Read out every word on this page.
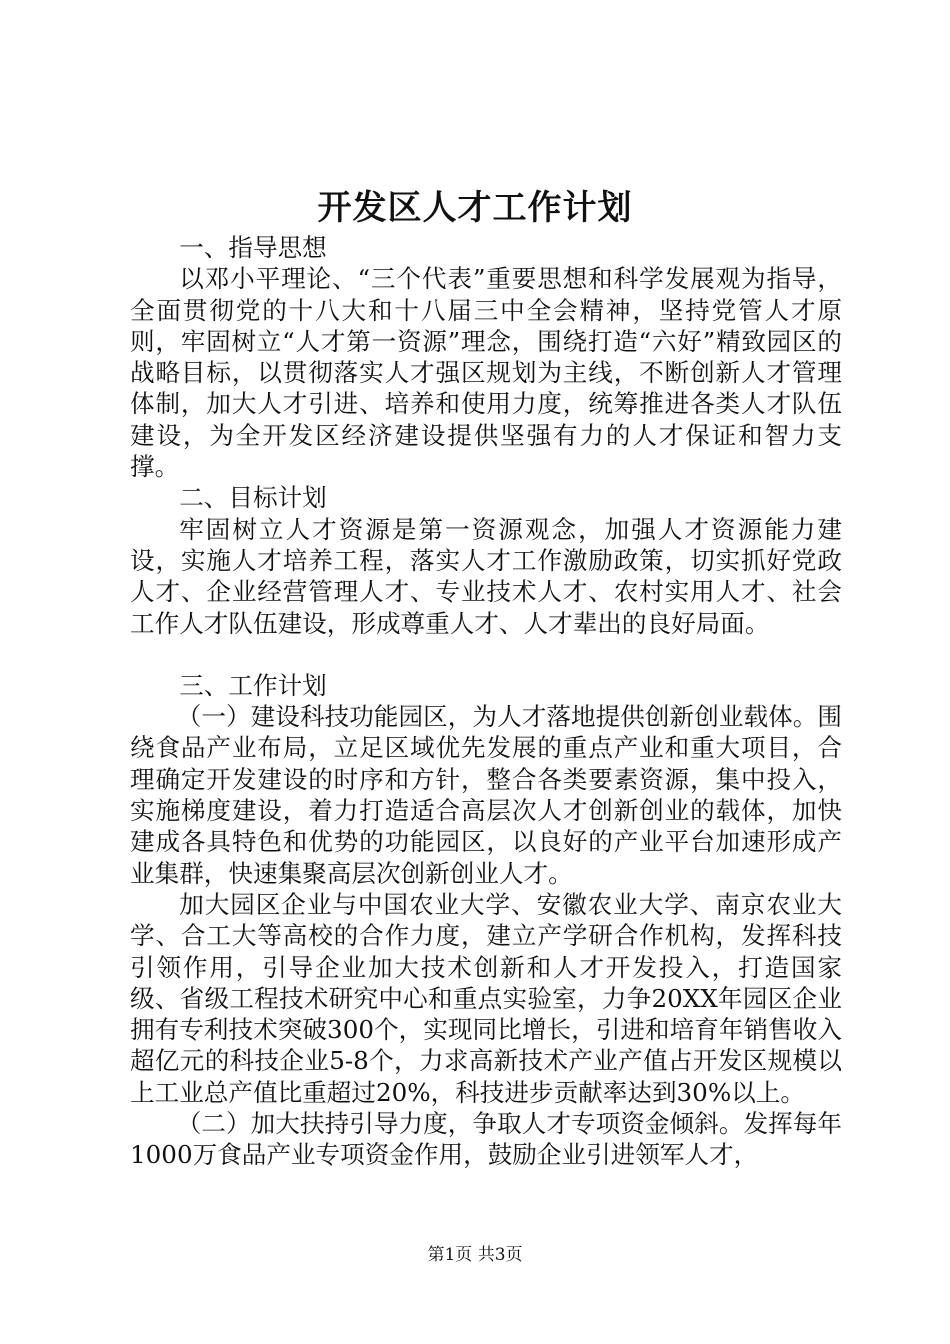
开发区人才工作计划

一、指导思想

以邓小平理论、“三个代表”重要思想和科学发展观为指导，全面贯彻党的十八大和十八届三中全会精神，坚持党管人才原则，牢固树立“人才第一资源”理念，围绕打造“六好”精致园区的战略目标，以贯彻落实人才强区规划为主线，不断创新人才管理体制，加大人才引进、培养和使用力度，统筹推进各类人才队伍建设，为全开发区经济建设提供坚强有力的人才保证和智力支撑。

二、目标计划

牢固树立人才资源是第一资源观念，加强人才资源能力建设，实施人才培养工程，落实人才工作激励政策，切实抓好党政人才、企业经营管理人才、专业技术人才、农村实用人才、社会工作人才队伍建设，形成尊重人才、人才辈出的良好局面。

三、工作计划

（一）建设科技功能园区，为人才落地提供创新创业载体。围绕食品产业布局，立足区域优先发展的重点产业和重大项目，合理确定开发建设的时序和方针，整合各类要素资源，集中投入，实施梯度建设，着力打造适合高层次人才创新创业的载体，加快建成各具特色和优势的功能园区，以良好的产业平台加速形成产业集群，快速集聚高层次创新创业人才。

加大园区企业与中国农业大学、安徽农业大学、南京农业大学、合工大等高校的合作力度，建立产学研合作机构，发挥科技引领作用，引导企业加大技术创新和人才开发投入，打造国家级、省级工程技术研究中心和重点实验室，力争20XX年园区企业拥有专利技术突破300个，实现同比增长，引进和培育年销售收入超亿元的科技企业5-8个，力求高新技术产业产值占开发区规模以上工业总产值比重超过20%，科技进步贡献率达到30%以上。

（二）加大扶持引导力度，争取人才专项资金倾斜。发挥每年1000万食品产业专项资金作用，鼓励企业引进领军人才，

第1页 共3页
